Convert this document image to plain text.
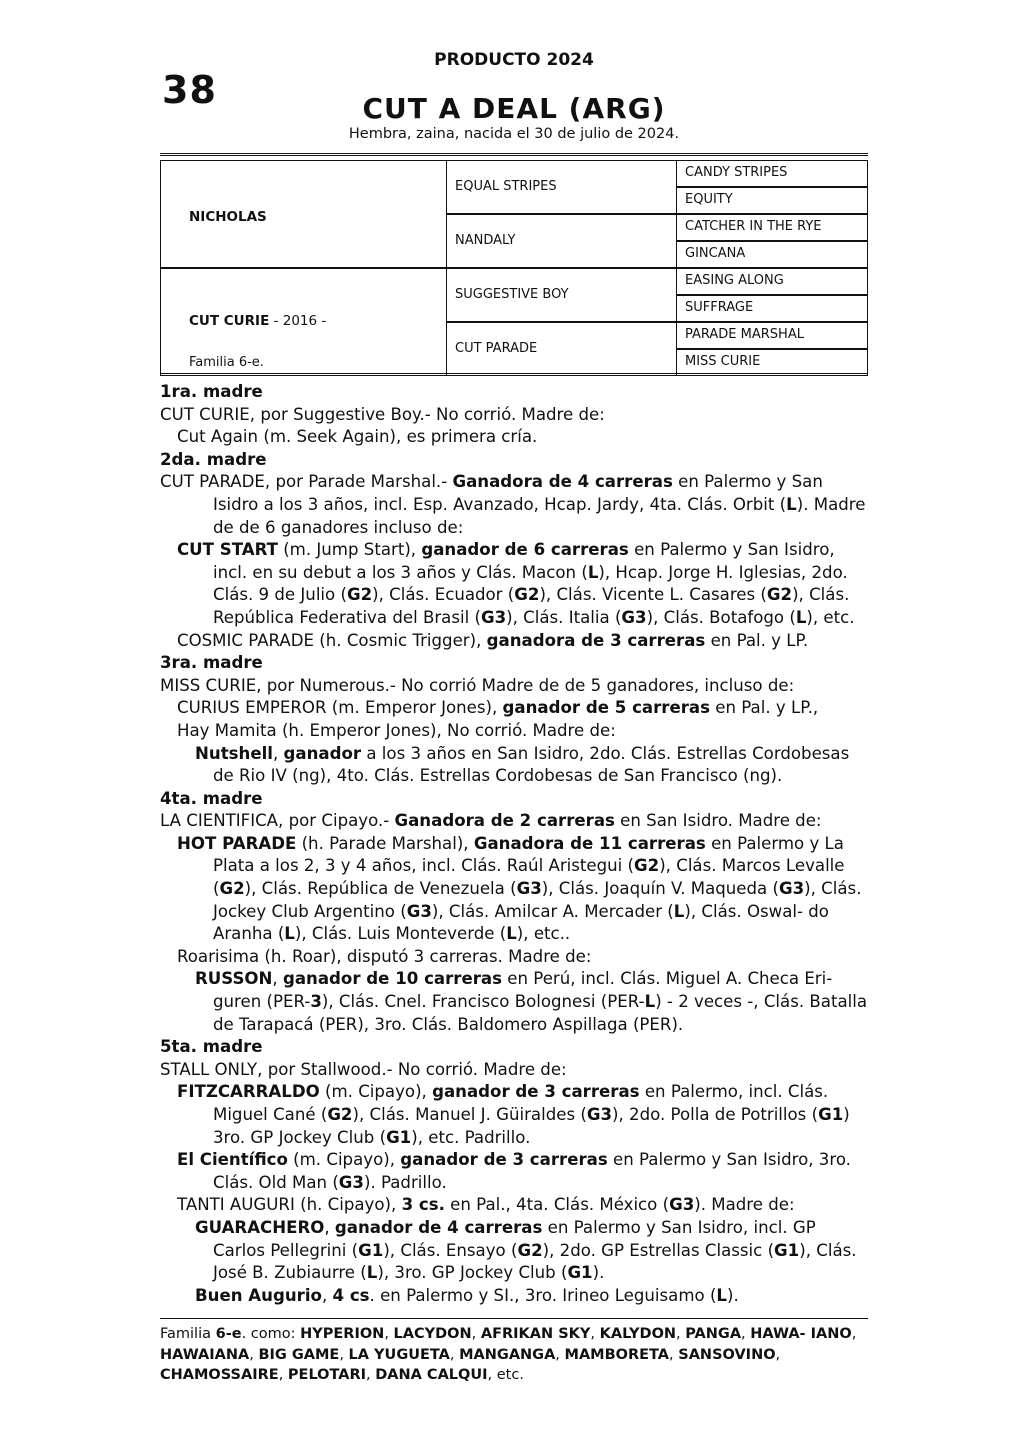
PRODUCTO 2024
38	CUT A DEAL (ARG)
Hembra, zaina, nacida el 30 de julio de 2024.
NICHOLAS
CUT CURIE - 2016 -
Familia 6-e.
EQUAL STRIPES
NANDALY
SUGGESTIVE BOY
CUT PARADE
CANDY STRIPES
EQUITY
CATCHER IN THE RYE
GINCANA
EASING ALONG
SUFFRAGE
PARADE MARSHAL
MISS CURIE
1ra. madre
CUT CURIE, por Suggestive Boy.- No corrió. Madre de:
Cut Again (m. Seek Again), es primera cría.
2da. madre
CUT PARADE, por Parade Marshal.- Ganadora de 4 carreras en Palermo y San Isidro a los 3 años, incl. Esp. Avanzado, Hcap. Jardy, 4ta. Clás. Orbit (L). Madre de de 6 ganadores incluso de:
CUT START (m. Jump Start), ganador de 6 carreras en Palermo y San Isidro, incl. en su debut a los 3 años y Clás. Macon (L), Hcap. Jorge H. Iglesias, 2do. Clás. 9 de Julio (G2), Clás. Ecuador (G2), Clás. Vicente L. Casares (G2), Clás. República Federativa del Brasil (G3), Clás. Italia (G3), Clás. Botafogo (L), etc.
COSMIC PARADE (h. Cosmic Trigger), ganadora de 3 carreras en Pal. y LP.
3ra. madre
MISS CURIE, por Numerous.- No corrió Madre de de 5 ganadores, incluso de:
CURIUS EMPEROR (m. Emperor Jones), ganador de 5 carreras en Pal. y LP.,
Hay Mamita (h. Emperor Jones), No corrió. Madre de:
Nutshell, ganador a los 3 años en San Isidro, 2do. Clás. Estrellas Cordobesas de Rio IV (ng), 4to. Clás. Estrellas Cordobesas de San Francisco (ng).
4ta. madre
LA CIENTIFICA, por Cipayo.- Ganadora de 2 carreras en San Isidro. Madre de:
HOT PARADE (h. Parade Marshal), Ganadora de 11 carreras en Palermo y La Plata a los 2, 3 y 4 años, incl. Clás. Raúl Aristegui (G2), Clás. Marcos Levalle (G2), Clás. República de Venezuela (G3), Clás. Joaquín V. Maqueda (G3), Clás. Jockey Club Argentino (G3), Clás. Amilcar A. Mercader (L), Clás. Oswal- do Aranha (L), Clás. Luis Monteverde (L), etc..
Roarisima (h. Roar), disputó 3 carreras. Madre de:
RUSSON, ganador de 10 carreras en Perú, incl. Clás. Miguel A. Checa Eri- guren (PER-3), Clás. Cnel. Francisco Bolognesi (PER-L) - 2 veces -, Clás. Batalla de Tarapacá (PER), 3ro. Clás. Baldomero Aspillaga (PER).
5ta. madre
STALL ONLY, por Stallwood.- No corrió. Madre de:
FITZCARRALDO (m. Cipayo), ganador de 3 carreras en Palermo, incl. Clás. Miguel Cané (G2), Clás. Manuel J. Güiraldes (G3), 2do. Polla de Potrillos (G1) 3ro. GP Jockey Club (G1), etc. Padrillo.
El Científico (m. Cipayo), ganador de 3 carreras en Palermo y San Isidro, 3ro. Clás. Old Man (G3). Padrillo.
TANTI AUGURI (h. Cipayo), 3 cs. en Pal., 4ta. Clás. México (G3). Madre de:
GUARACHERO, ganador de 4 carreras en Palermo y San Isidro, incl. GP Carlos Pellegrini (G1), Clás. Ensayo (G2), 2do. GP Estrellas Classic (G1), Clás. José B. Zubiaurre (L), 3ro. GP Jockey Club (G1).
Buen Augurio, 4 cs. en Palermo y SI., 3ro. Irineo Leguisamo (L).
Familia 6-e. como: HYPERION, LACYDON, AFRIKAN SKY, KALYDON, PANGA, HAWA- IANO, HAWAIANA, BIG GAME, LA YUGUETA, MANGANGA, MAMBORETA, SANSOVINO, CHAMOSSAIRE, PELOTARI, DANA CALQUI, etc.
